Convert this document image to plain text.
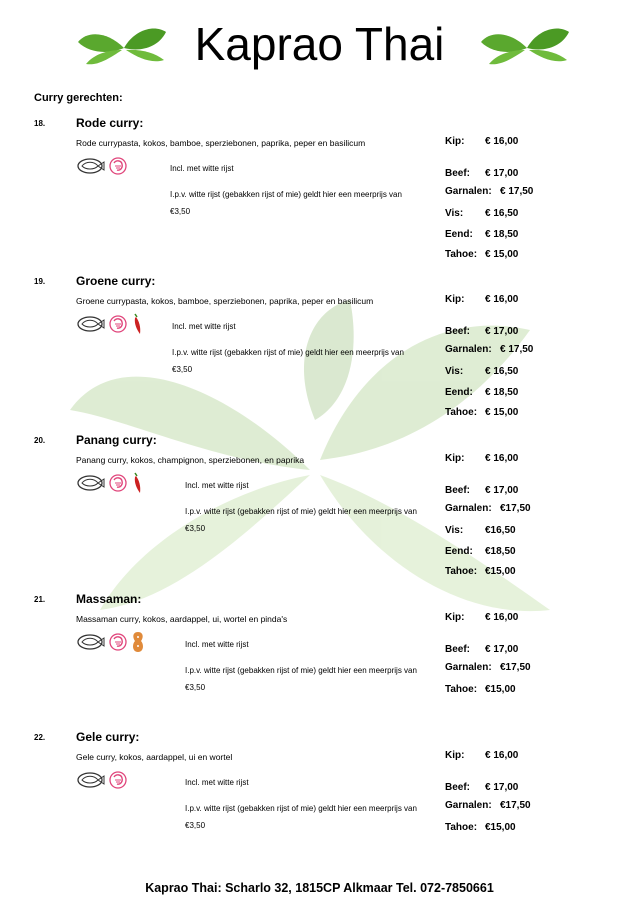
Kaprao Thai
Curry gerechten:
18.	Rode curry:
Rode currypasta, kokos, bamboe, sperziebonen, paprika, peper en basilicum
Incl. met witte rijst
I.p.v. witte rijst (gebakken rijst of mie) geldt hier een meerprijs van €3,50
Kip: € 16,00
Beef: € 17,00
Garnalen: € 17,50
Vis: € 16,50
Eend: € 18,50
Tahoe: € 15,00
19.	Groene curry:
Groene currypasta, kokos, bamboe, sperziebonen, paprika, peper en basilicum
Incl. met witte rijst
I.p.v. witte rijst (gebakken rijst of mie) geldt hier een meerprijs van €3,50
Kip: € 16,00
Beef: € 17,00
Garnalen: € 17,50
Vis: € 16,50
Eend: € 18,50
Tahoe: € 15,00
20.	Panang curry:
Panang curry, kokos, champignon, sperziebonen, en paprika
Incl. met witte rijst
I.p.v. witte rijst (gebakken rijst of mie) geldt hier een meerprijs van €3,50
Kip: € 16,00
Beef: € 17,00
Garnalen: €17,50
Vis: €16,50
Eend: €18,50
Tahoe: €15,00
21.	Massaman:
Massaman curry, kokos, aardappel, ui, wortel en pinda's
Incl. met witte rijst
I.p.v. witte rijst (gebakken rijst of mie) geldt hier een meerprijs van €3,50
Kip: € 16,00
Beef: € 17,00
Garnalen: €17,50
Tahoe: €15,00
22.	Gele curry:
Gele curry, kokos, aardappel, ui en wortel
Incl. met witte rijst
I.p.v. witte rijst (gebakken rijst of mie) geldt hier een meerprijs van €3,50
Kip: € 16,00
Beef: € 17,00
Garnalen: €17,50
Tahoe: €15,00
Kaprao Thai: Scharlo 32, 1815CP Alkmaar Tel. 072-7850661
